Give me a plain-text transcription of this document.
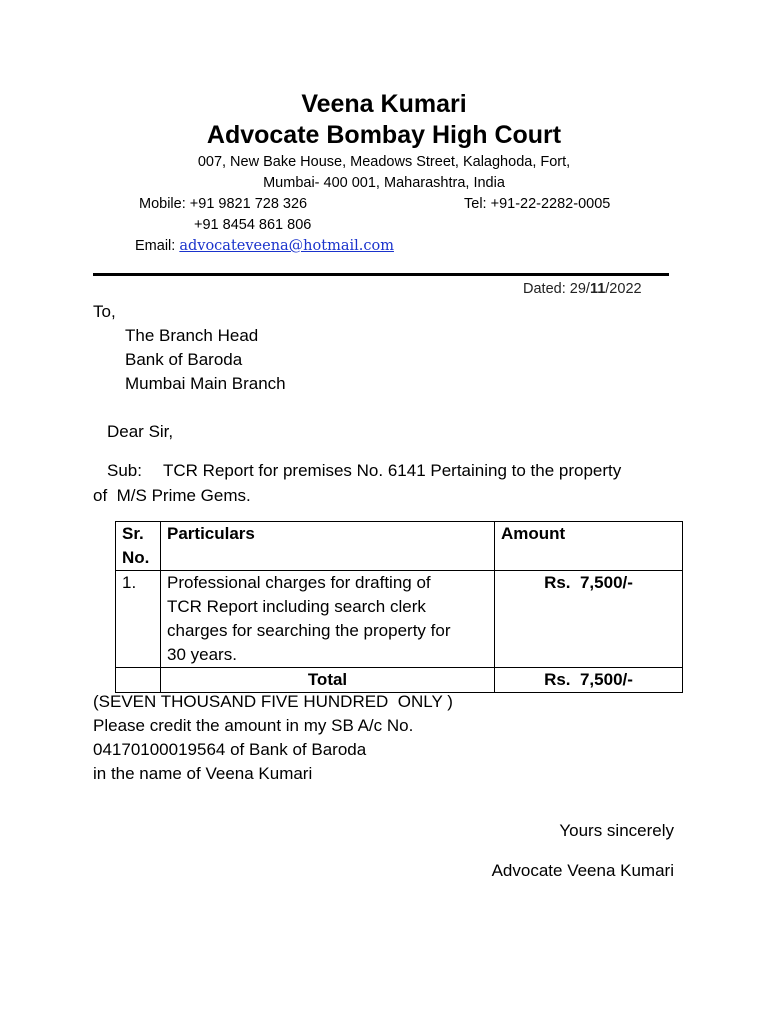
Veena Kumari
Advocate Bombay High Court
007, New Bake House, Meadows Street, Kalaghoda, Fort,
Mumbai- 400 001, Maharashtra, India
Mobile: +91 9821 728 326
+91 8454 861 806
Tel: +91-22-2282-0005
Email: advocateveena@hotmail.com
Dated: 29/11/2022
To,
The Branch Head
Bank of Baroda
Mumbai Main Branch
Dear Sir,
Sub: TCR Report for premises No. 6141 Pertaining to the property
of  M/S Prime Gems.
Sr.
No.	Particulars	Amount
1.	Professional charges for drafting of
TCR Report including search clerk
charges for searching the property for
30 years.	Rs.  7,500/-
	Total	Rs.  7,500/-
(SEVEN THOUSAND FIVE HUNDRED  ONLY )
Please credit the amount in my SB A/c No.
04170100019564 of Bank of Baroda
in the name of Veena Kumari
Yours sincerely
Advocate Veena Kumari
